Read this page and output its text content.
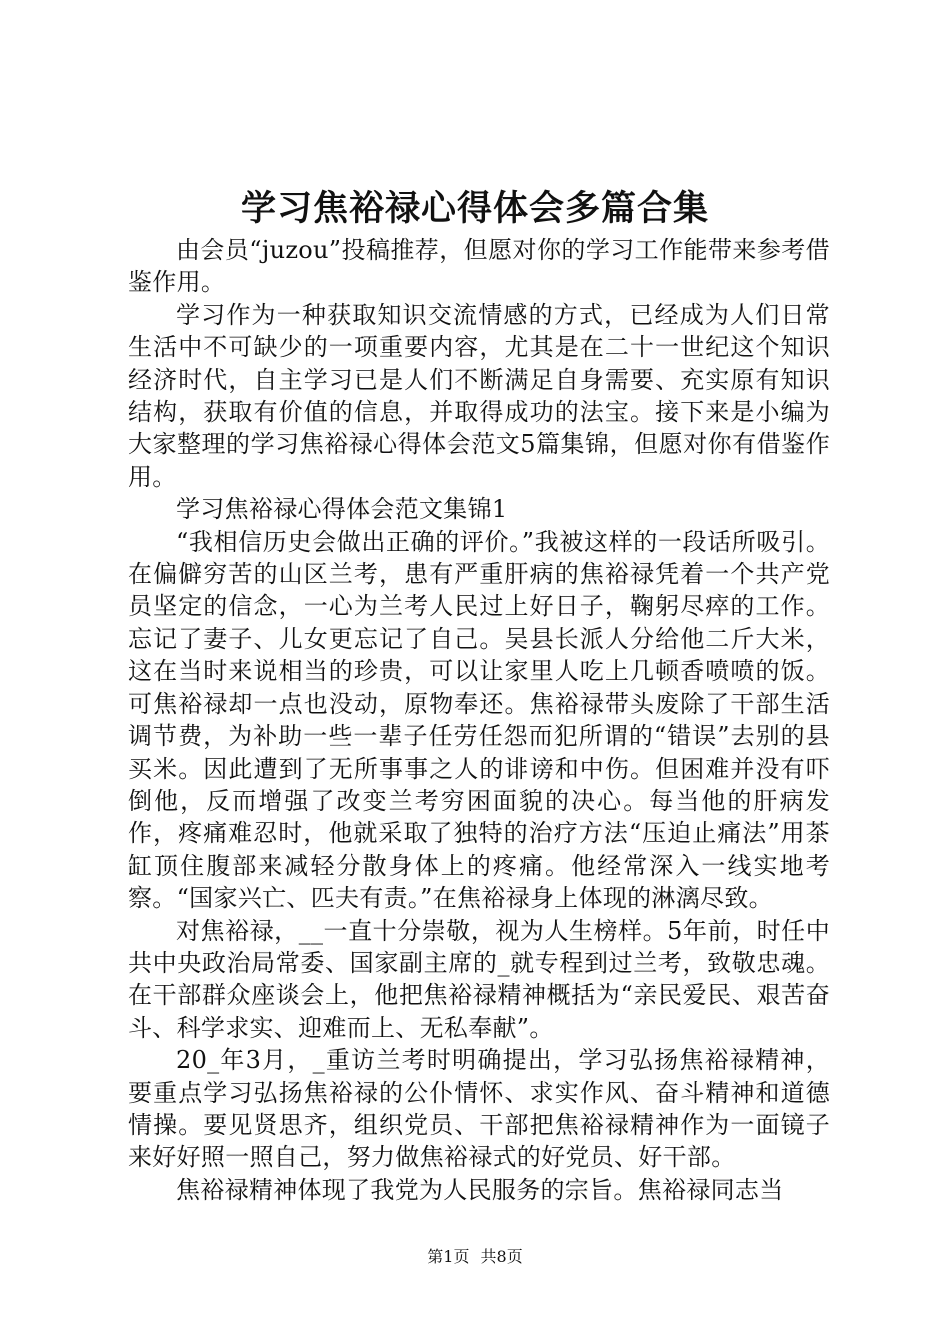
学习焦裕禄心得体会多篇合集

由会员“juzou”投稿推荐，但愿对你的学习工作能带来参考借鉴作用。

学习作为一种获取知识交流情感的方式，已经成为人们日常生活中不可缺少的一项重要内容，尤其是在二十一世纪这个知识经济时代，自主学习已是人们不断满足自身需要、充实原有知识结构，获取有价值的信息，并取得成功的法宝。接下来是小编为大家整理的学习焦裕禄心得体会范文5篇集锦，但愿对你有借鉴作用。

学习焦裕禄心得体会范文集锦1

“我相信历史会做出正确的评价。”我被这样的一段话所吸引。在偏僻穷苦的山区兰考，患有严重肝病的焦裕禄凭着一个共产党员坚定的信念，一心为兰考人民过上好日子，鞠躬尽瘁的工作。忘记了妻子、儿女更忘记了自己。吴县长派人分给他二斤大米，这在当时来说相当的珍贵，可以让家里人吃上几顿香喷喷的饭。可焦裕禄却一点也没动，原物奉还。焦裕禄带头废除了干部生活调节费，为补助一些一辈子任劳任怨而犯所谓的“错误”去别的县买米。因此遭到了无所事事之人的诽谤和中伤。但困难并没有吓倒他，反而增强了改变兰考穷困面貌的决心。每当他的肝病发作，疼痛难忍时，他就采取了独特的治疗方法“压迫止痛法”用茶缸顶住腹部来减轻分散身体上的疼痛。他经常深入一线实地考察。“国家兴亡、匹夫有责。”在焦裕禄身上体现的淋漓尽致。

对焦裕禄，__一直十分崇敬，视为人生榜样。5年前，时任中共中央政治局常委、国家副主席的_就专程到过兰考，致敬忠魂。在干部群众座谈会上，他把焦裕禄精神概括为“亲民爱民、艰苦奋斗、科学求实、迎难而上、无私奉献”。

20_年3月，_重访兰考时明确提出，学习弘扬焦裕禄精神，要重点学习弘扬焦裕禄的公仆情怀、求实作风、奋斗精神和道德情操。要见贤思齐，组织党员、干部把焦裕禄精神作为一面镜子来好好照一照自己，努力做焦裕禄式的好党员、好干部。

焦裕禄精神体现了我党为人民服务的宗旨。焦裕禄同志当

第1页 共8页
